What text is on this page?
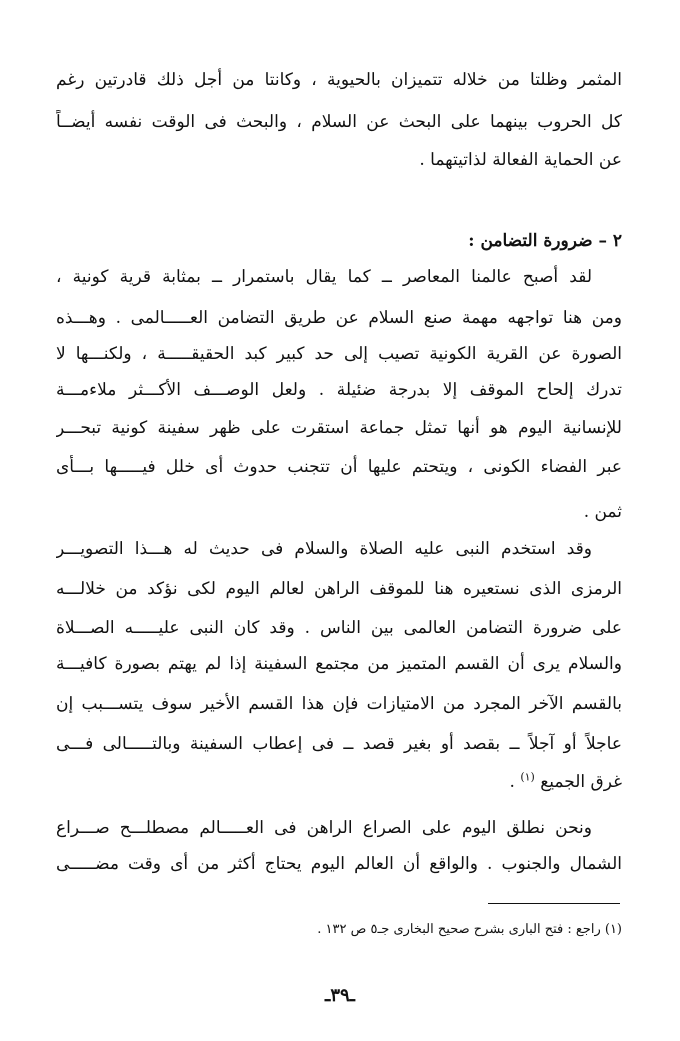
المثمر وظلتا من خلاله تتميزان بالحيوية ، وكانتا من أجل ذلك قادرتين رغم
كل الحروب بينهما على البحث عن السلام ، والبحث فى الوقت نفسه أيضــاً
عن الحماية الفعالة لذاتيتهما .
٢ – ضرورة التضامن :
لقد أصبح عالمنا المعاصر ــ كما يقال باستمرار ــ بمثابة قرية كونية ،
ومن هنا تواجهه مهمة صنع السلام عن طريق التضامن العـــــالمى . وهـــذه
الصورة عن القرية الكونية تصيب إلى حد كبير كبد الحقيقـــــة ، ولكنـــها لا
تدرك إلحاح الموقف إلا بدرجة ضئيلة . ولعل الوصـــف الأكـــثر ملاءمـــة
للإنسانية اليوم هو أنها تمثل جماعة استقرت على ظهر سفينة كونية تبحـــر
عبر الفضاء الكونى ، ويتحتم عليها أن تتجنب حدوث أى خلل فيـــــها بـــأى
ثمن .
وقد استخدم النبى عليه الصلاة والسلام فى حديث له هـــذا التصويـــر
الرمزى الذى نستعيره هنا للموقف الراهن لعالم اليوم لكى نؤكد من خلالـــه
على ضرورة التضامن العالمى بين الناس . وقد كان النبى عليـــــه الصـــلاة
والسلام يرى أن القسم المتميز من مجتمع السفينة إذا لم يهتم بصورة كافيـــة
بالقسم الآخر المجرد من الامتيازات فإن هذا القسم الأخير سوف يتســـبب إن
عاجلاً أو آجلاً ــ بقصد أو بغير قصد ــ فى إعطاب السفينة وبالتـــــالى فـــى
غرق الجميع $^{(١)}$ .
ونحن نطلق اليوم على الصراع الراهن فى العـــــالم مصطلـــح صـــراع
الشمال والجنوب . والواقع أن العالم اليوم يحتاج أكثر من أى وقت مضـــــى
(١) راجع : فتح البارى بشرح صحيح البخارى جـ٥ ص ١٣٢ .
ـ٣٩ـ
